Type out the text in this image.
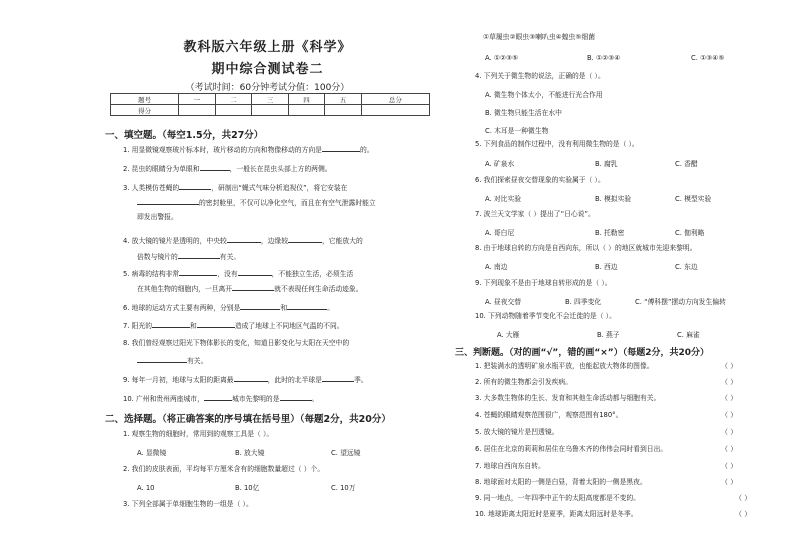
教科版六年级上册《科学》
期中综合测试卷二
（考试时间：60分钟考试分值：100分）
题号	一	二	三	四	五	总分
得分						
一、填空题。（每空1.5分，共27分）
1. 用显微镜观察玻片标本时，玻片移动的方向和物像移动的方向是	的。
2. 昆虫的眼睛分为单眼和	，一般长在昆虫头部上方的两侧。
3. 人类模仿苍蝇的	，研制出“蝇式气味分析追视仪”，将它安装在
的密封舱里，不仅可以净化空气，而且在有空气泄露时能立
即发出警报。
4. 放大镜的镜片是透明的，中央较	，边缘较	，它能放大的
倍数与镜片的	有关。
5. 病毒的结构非常	，没有	，不能独立生活，必须生活
在其他生物的细胞内，一旦离开	就不表现任何生命活动迹象。
6. 地球的运动方式主要有两种，分别是	和	。
7. 阳光的	和	造成了地球上不同地区气温的不同。
8. 我们曾经观察过阳光下物体影长的变化，知道日影变化与太阳在天空中的
有关。
9. 每年一月初，地球与太阳的距离最	，此时的北半球是	季。
10. 广州和贵州两座城市，	城市先黎明的是	。
二、选择题。（将正确答案的序号填在括号里）（每题2分，共20分）
1. 观察生物的细胞时，常用到的观察工具是（ ）。
A. 显微镜	B. 放大镜	C. 望远镜
2. 我们的皮肤表面，平均每平方厘米含有的细胞数量超过（ ）个。
A. 10	B. 10亿	C. 10万
3. 下列全部属于单细胞生物的一组是（ ）。
①草履虫②眼虫③喇叭虫④蝗虫⑤细菌
A. ①②③⑤	B. ①②③④	C. ①③④⑤
4. 下列关于微生物的说法，正确的是（ ）。
A. 微生物个体太小，不能进行光合作用
B. 微生物只能生活在水中
C. 木耳是一种微生物
5. 下列食品的制作过程中，没有利用微生物的是（ ）。
A. 矿泉水	B. 腐乳	C. 香醋
6. 我们探索昼夜交替现象的实验属于（ ）。
A. 对比实验	B. 模拟实验	C. 模型实验
7. 波兰天文学家（ ）提出了“日心说”。
A. 哥白尼	B. 托勒密	C. 伽利略
8. 由于地球自转的方向是自西向东，所以（ ）的地区就城市先迎来黎明。
A. 南边	B. 西边	C. 东边
9. 下列现象不是由于地球自转形成的是（ ）。
A. 昼夜交替	B. 四季变化	C. “傅科摆”摆动方向发生偏转
10. 下列动物随着季节变化不会迁徙的是（ ）。
A. 大雁	B. 燕子	C. 麻雀
三、判断题。（对的画“√”，错的画“×”）（每题2分，共20分）
1. 把装满水的透明矿泉水瓶平放，也能起放大物体的图像。	（ ）
2. 所有的微生物都会引发疾病。	（ ）
3. 大多数生物体的生长、发育和其他生命活动都与细胞有关。	（ ）
4. 苍蝇的眼睛观察范围很广，观察范围有180°。	（ ）
5. 放大镜的镜片是凹透镜。	（ ）
6. 居住在北京的莉莉和居住在乌鲁木齐的伟伟会同时看到日出。	（ ）
7. 地球自西向东自转。	（ ）
8. 地球面对太阳的一侧是白昼，背着太阳的一侧是黑夜。	（ ）
9. 同一地点，一年四季中正午的太阳高度都是不变的。	（ ）
10. 地球距离太阳近时是夏季，距离太阳远时是冬季。	（ ）
